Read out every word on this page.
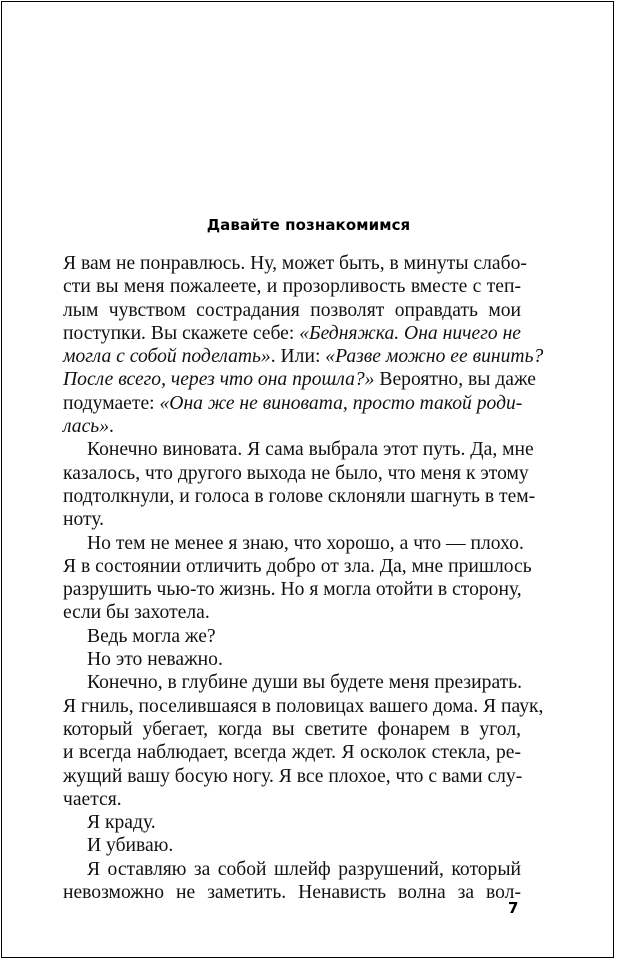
Давайте познакомимся
Я вам не понравлюсь. Ну, может быть, в минуты слабо-
сти вы меня пожалеете, и прозорливость вместе с теп-
лым чувством сострадания позволят оправдать мои
поступки. Вы скажете себе: «Бедняжка. Она ничего не
могла с собой поделать». Или: «Разве можно ее винить?
После всего, через что она прошла?» Вероятно, вы даже
подумаете: «Она же не виновата, просто такой роди-
лась».
Конечно виновата. Я сама выбрала этот путь. Да, мне
казалось, что другого выхода не было, что меня к этому
подтолкнули, и голоса в голове склоняли шагнуть в тем-
ноту.
Но тем не менее я знаю, что хорошо, а что — плохо.
Я в состоянии отличить добро от зла. Да, мне пришлось
разрушить чью-то жизнь. Но я могла отойти в сторону,
если бы захотела.
Ведь могла же?
Но это неважно.
Конечно, в глубине души вы будете меня презирать.
Я гниль, поселившаяся в половицах вашего дома. Я паук,
который убегает, когда вы светите фонарем в угол,
и всегда наблюдает, всегда ждет. Я осколок стекла, ре-
жущий вашу босую ногу. Я все плохое, что с вами слу-
чается.
Я краду.
И убиваю.
Я оставляю за собой шлейф разрушений, который
невозможно не заметить. Ненависть волна за вол-
7
